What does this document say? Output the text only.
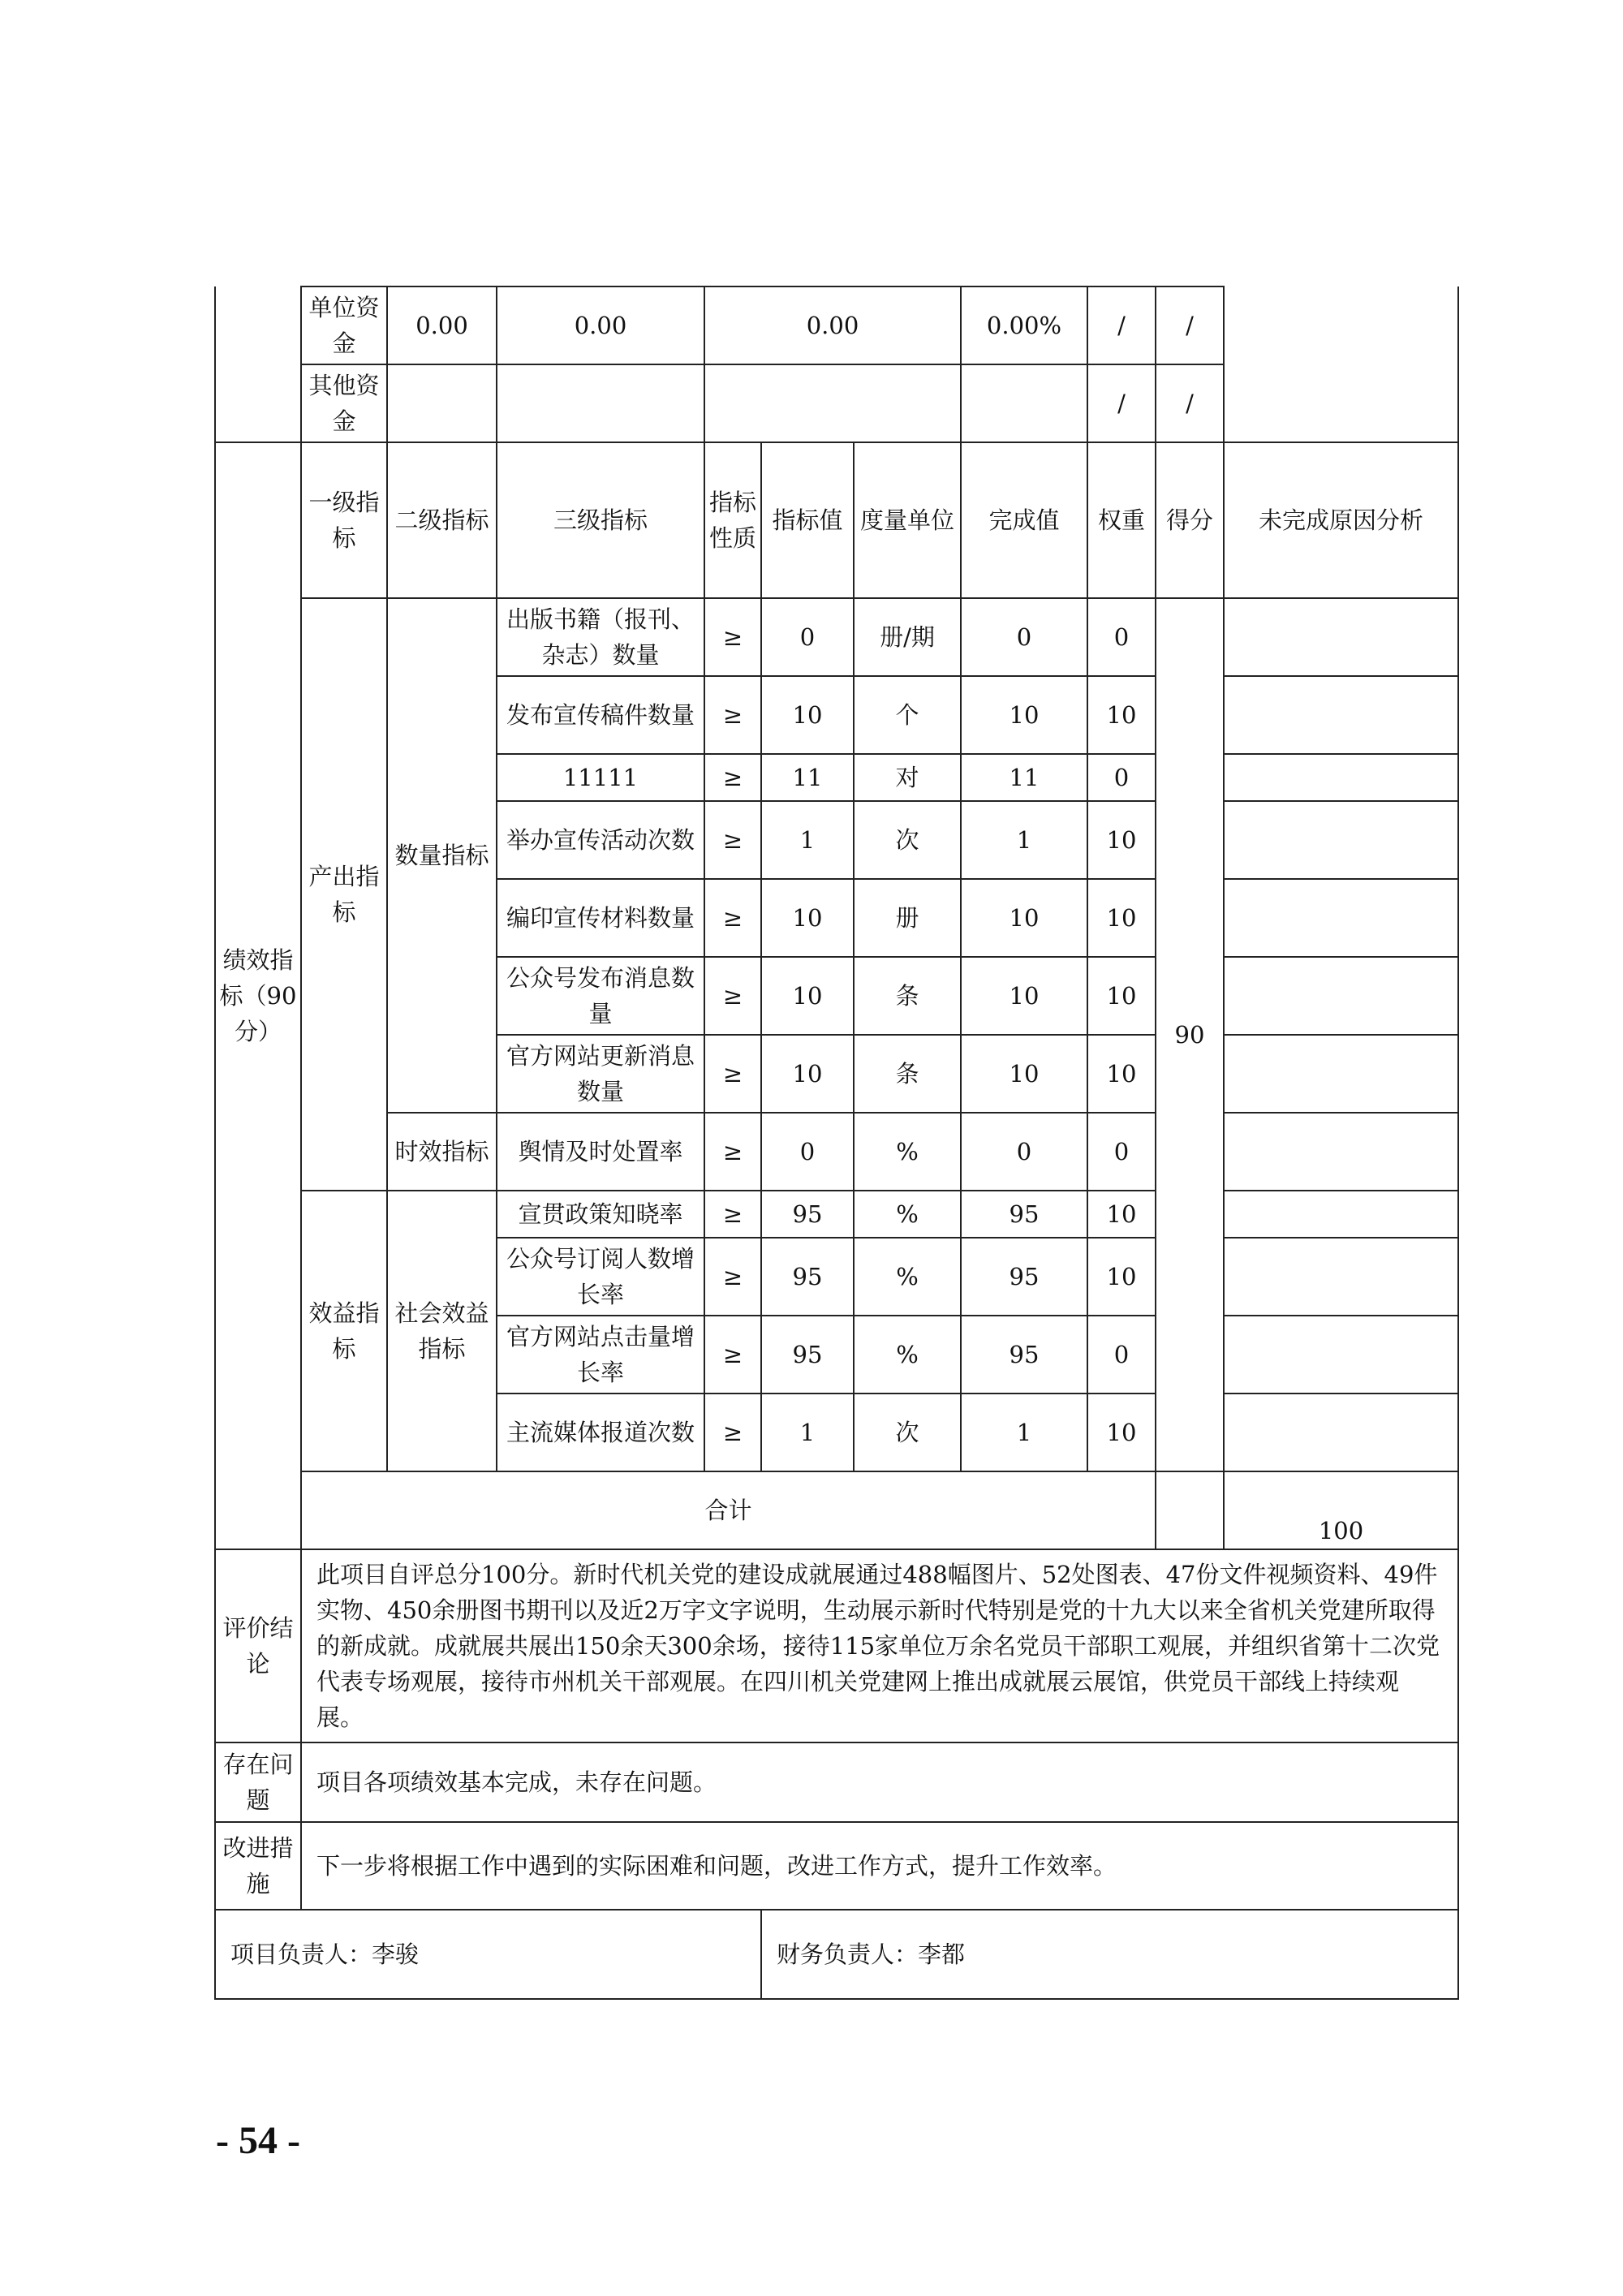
	单位资金	0.00	0.00	0.00			0.00%	/	/		
	其他资金							/	/		
绩效指标（90分）	一级指标	二级指标	三级指标	指标性质	指标值	度量单位	完成值	权重	得分	未完成原因分析	
	产出指标	数量指标	出版书籍（报刊、杂志）数量	≥	0	册/期	0	0	90		
			发布宣传稿件数量	≥	10	个	10	10			
			11111	≥	11	对	11	0			
			举办宣传活动次数	≥	1	次	1	10			
			编印宣传材料数量	≥	10	册	10	10			
			公众号发布消息数量	≥	10	条	10	10			
			官方网站更新消息数量	≥	10	条	10	10			
		时效指标	舆情及时处置率	≥	0	%	0	0			
	效益指标	社会效益指标	宣贯政策知晓率	≥	95	%	95	10			
			公众号订阅人数增长率	≥	95	%	95	10			
			官方网站点击量增长率	≥	95	%	95	0			
			主流媒体报道次数	≥	1	次	1	10			
	合计									100	
评价结论	此项目自评总分100分。新时代机关党的建设成就展通过488幅图片、52处图表、47份文件视频资料、49件实物、450余册图书期刊以及近2万字文字说明，生动展示新时代特别是党的十九大以来全省机关党建所取得的新成就。成就展共展出150余天300余场，接待115家单位万余名党员干部职工观展，并组织省第十二次党代表专场观展，接待市州机关干部观展。在四川机关党建网上推出成就展云展馆，供党员干部线上持续观展。										
存在问题	项目各项绩效基本完成，未存在问题。										
改进措施	下一步将根据工作中遇到的实际困难和问题，改进工作方式，提升工作效率。										
项目负责人：李骏					财务负责人：李都						
- 54 -
